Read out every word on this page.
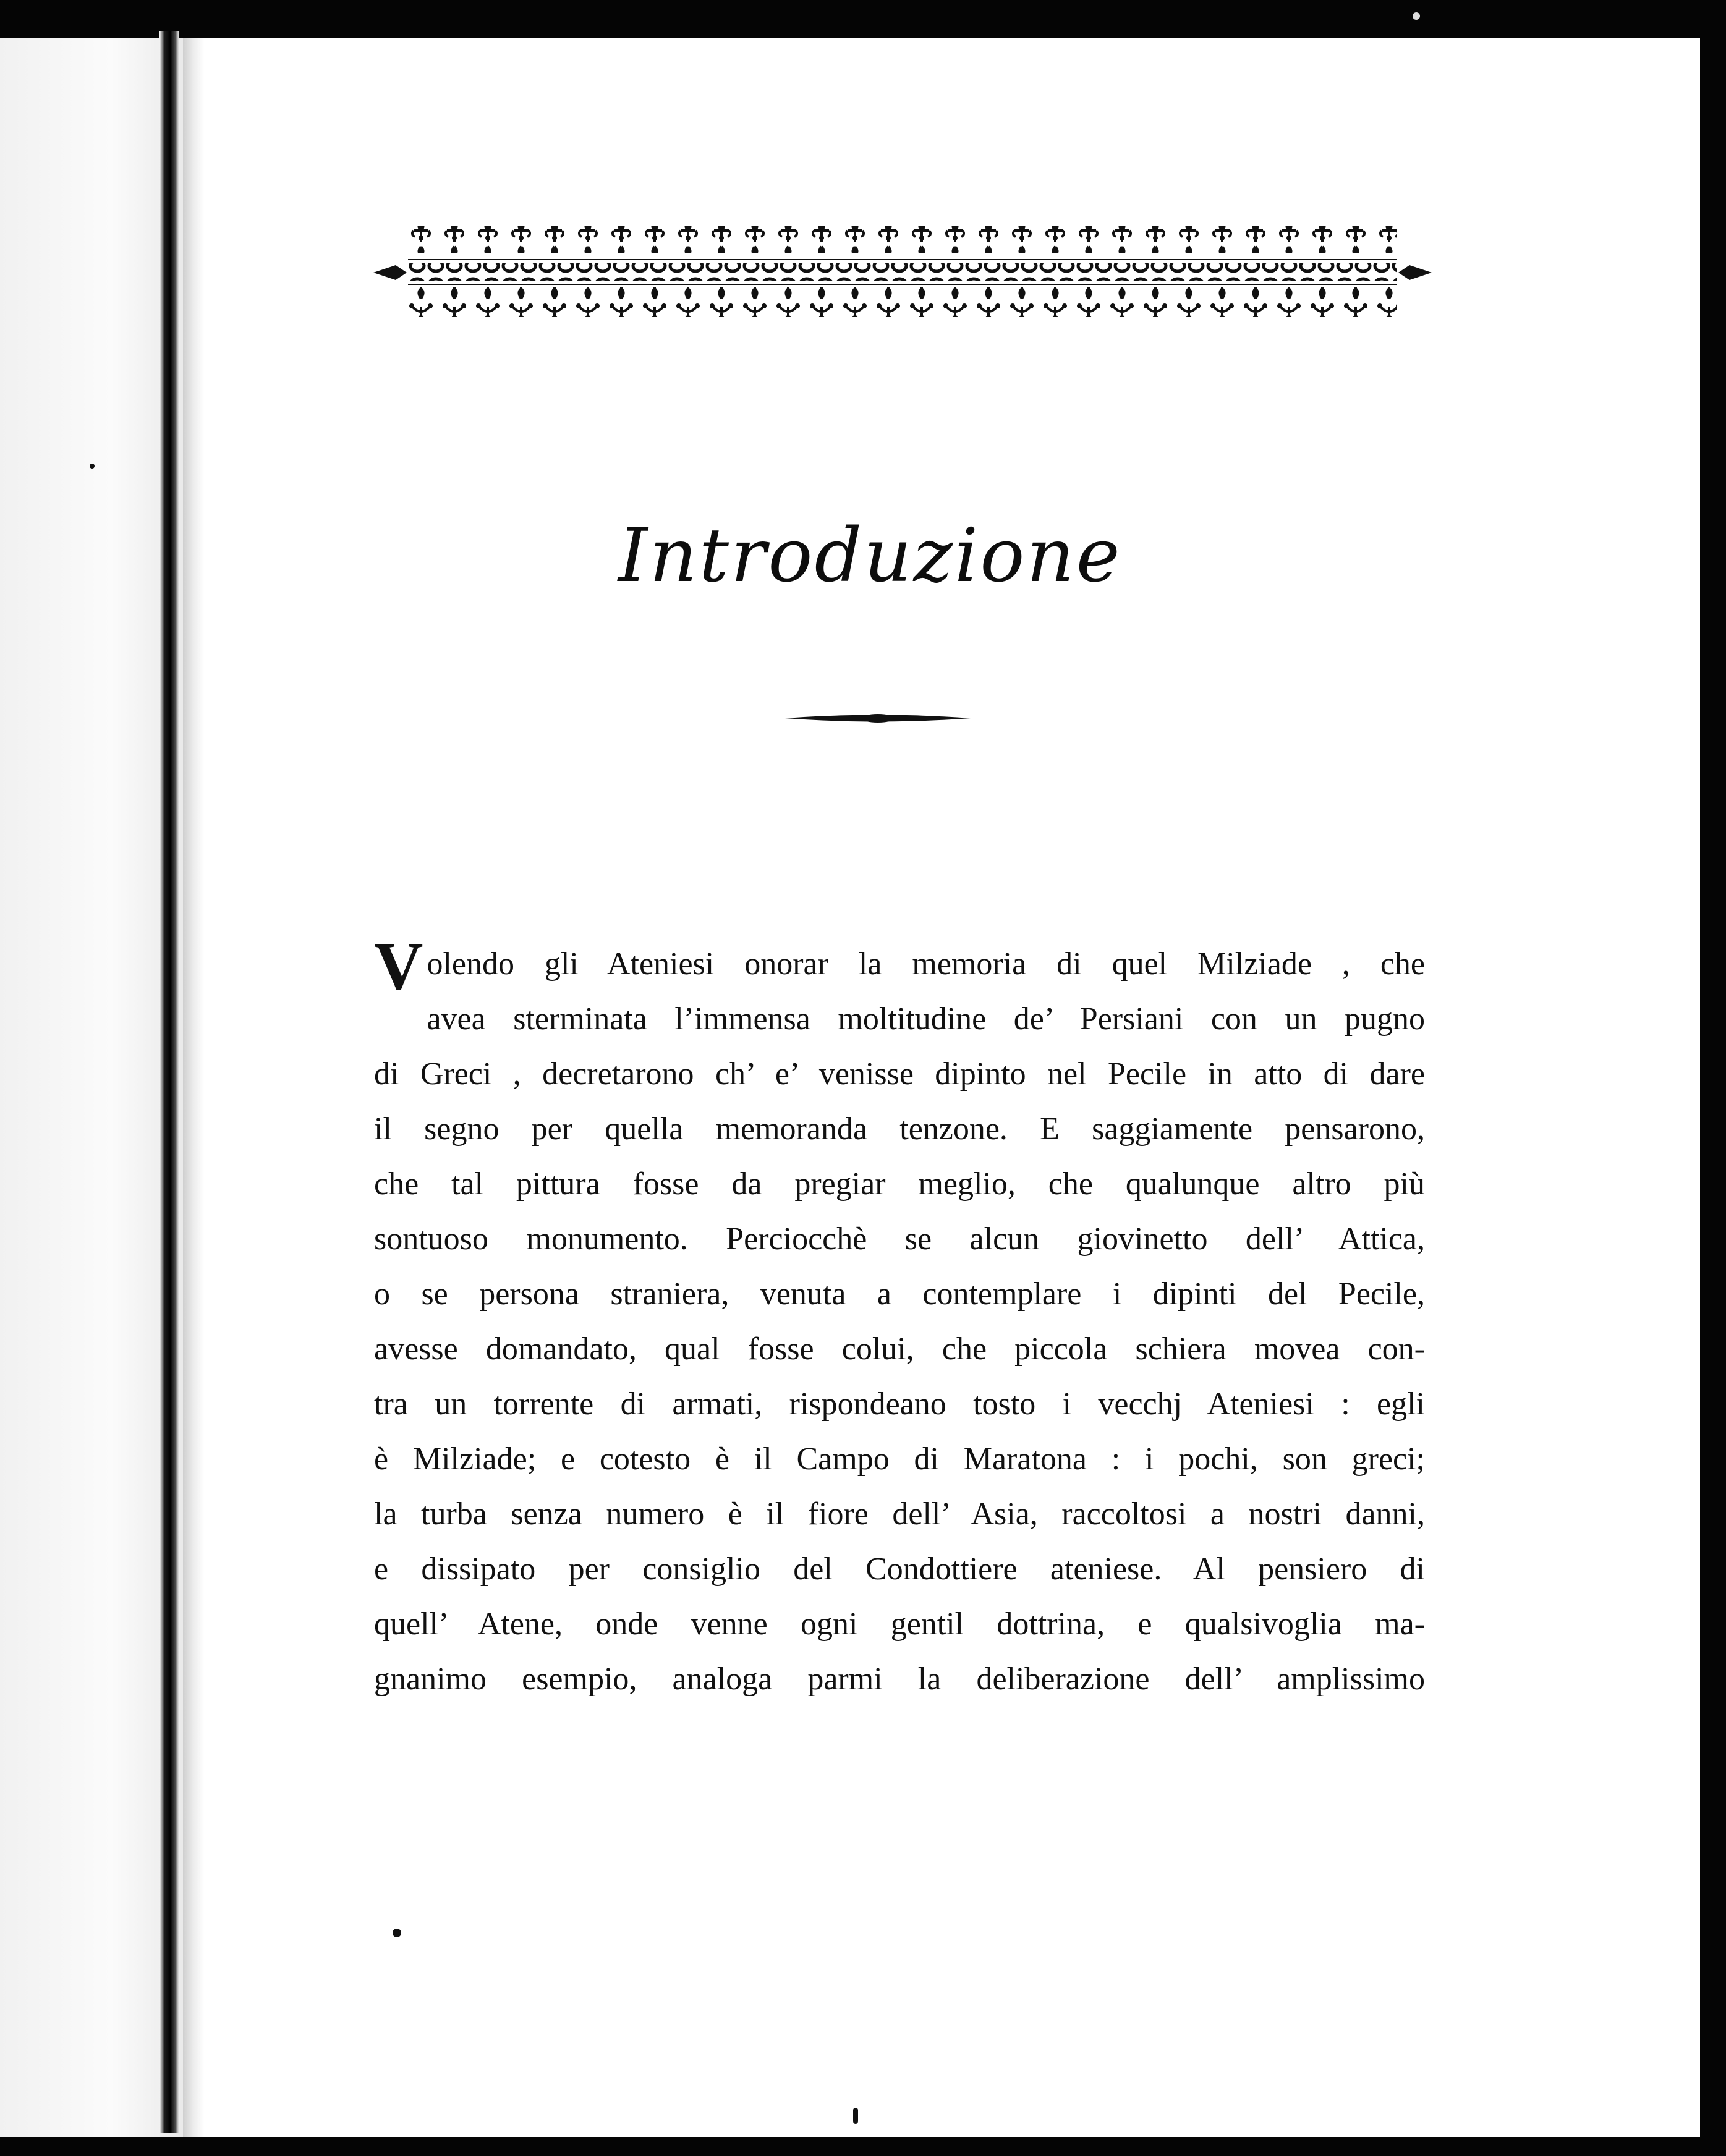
Introduzione
V olendo gli Ateniesi onorar la memoria di quel Milziade , che
avea sterminata l’immensa moltitudine de’ Persiani con un pugno
di Greci , decretarono ch’ e’ venisse dipinto nel Pecile in atto di dare
il segno per quella memoranda tenzone. E saggiamente pensarono,
che tal pittura fosse da pregiar meglio, che qualunque altro più
sontuoso monumento. Perciocchè se alcun giovinetto dell’ Attica,
o se persona straniera, venuta a contemplare i dipinti del Pecile,
avesse domandato, qual fosse colui, che piccola schiera movea con-
tra un torrente di armati, rispondeano tosto i vecchj Ateniesi : egli
è Milziade; e cotesto è il Campo di Maratona : i pochi, son greci;
la turba senza numero è il fiore dell’ Asia, raccoltosi a nostri danni,
e dissipato per consiglio del Condottiere ateniese. Al pensiero di
quell’ Atene, onde venne ogni gentil dottrina, e qualsivoglia ma-
gnanimo esempio, analoga parmi la deliberazione dell’ amplissimo
